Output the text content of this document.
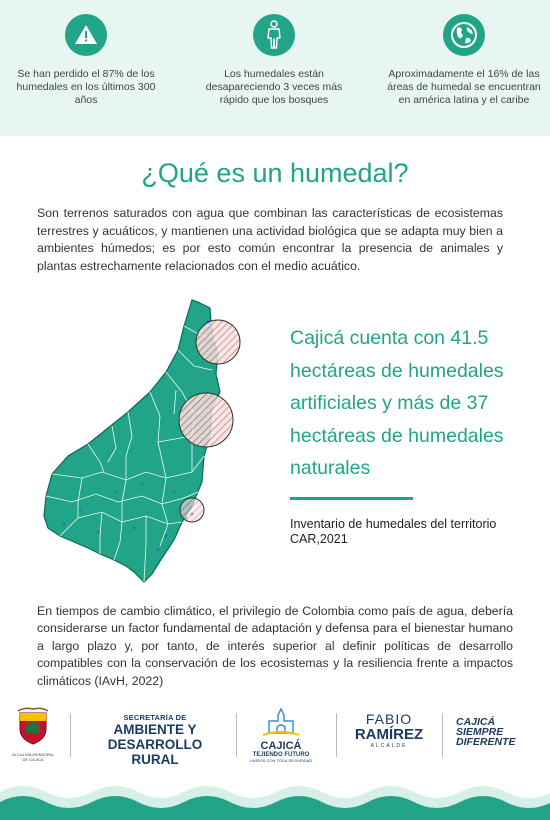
Se han perdido el 87% de los humedales en los últimos 300 años
Los humedales están desapareciendo 3 veces más rápido que los bosques
Aproximadamente el 16% de las áreas de humedal se encuentran en américa latina y el caribe
¿Qué es un humedal?

Son terrenos saturados con agua que combinan las características de ecosistemas terrestres y acuáticos, y mantienen una actividad biológica que se adapta muy bien a ambientes húmedos; es por esto común encontrar la presencia de animales y plantas estrechamente relacionados con el medio acuático.

Cajicá cuenta con 41.5 hectáreas de humedales artificiales y más de 37 hectáreas de humedales naturales
Inventario de humedales del territorio
CAR,2021

En tiempos de cambio climático, el privilegio de Colombia como país de agua, debería considerarse un factor fundamental de adaptación y defensa para el bienestar humano a largo plazo y, por tanto, de interés superior al definir políticas de desarrollo compatibles con la conservación de los ecosistemas y la resiliencia frente a impactos climáticos (IAvH, 2022)

ALCALDÍA MUNICIPAL DE CAJICÁ
SECRETARÍA DE
AMBIENTE Y
DESARROLLO RURAL
CAJICÁ
TEJIENDO FUTURO
UNIDOS CON TODA SEGURIDAD
FABIO
RAMÍREZ
ALCALDE
CAJICÁ
SIEMPRE
DIFERENTE
